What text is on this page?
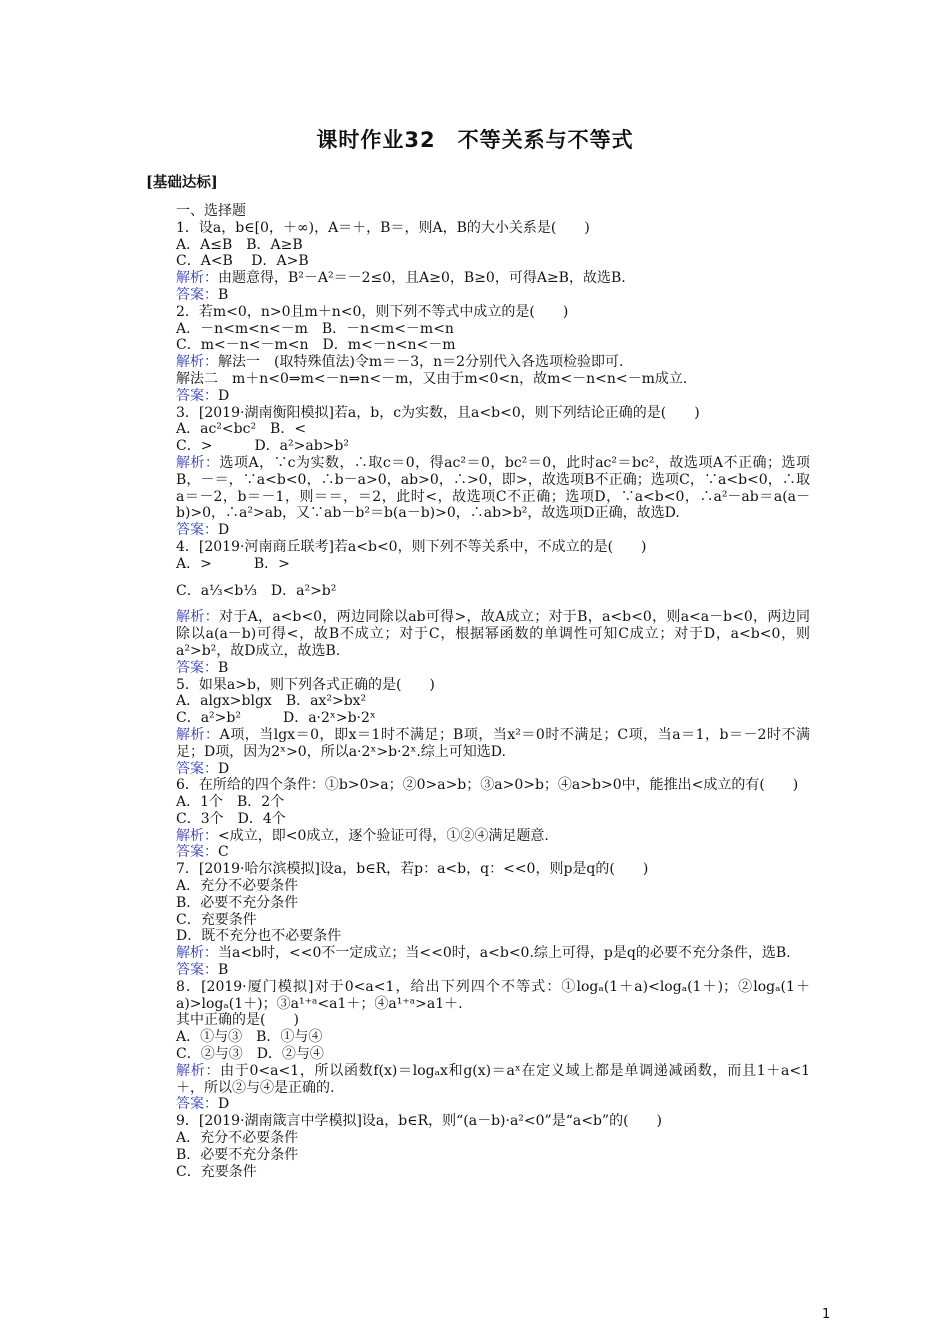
课时作业32　不等关系与不等式
[基础达标]
一、选择题
1．设a，b∈[0，＋∞)，A＝＋，B＝，则A，B的大小关系是(　　)
A．A≤B　B．A≥B
C．A<B　 D．A>B
解析：由题意得，B²－A²＝－2≤0，且A≥0，B≥0，可得A≥B，故选B.
答案：B
2．若m<0，n>0且m＋n<0，则下列不等式中成立的是(　　)
A．－n<m<n<－m　B．－n<m<－m<n
C．m<－n<－m<n　D．m<－n<n<－m
解析：解法一　(取特殊值法)令m＝－3，n＝2分别代入各选项检验即可.
解法二　m＋n<0⇒m<－n⇒n<－m，又由于m<0<n，故m<－n<n<－m成立.
答案：D
3．[2019·湖南衡阳模拟]若a，b，c为实数，且a<b<0，则下列结论正确的是(　　)
A．ac²<bc²　B．<
C．>　　　D．a²>ab>b²
解析：选项A，∵c为实数，∴取c＝0，得ac²＝0，bc²＝0，此时ac²＝bc²，故选项A不正确；选项B，－＝，∵a<b<0，∴b－a>0，ab>0，∴>0，即>，故选项B不正确；选项C，∵a<b<0，∴取a＝－2，b＝－1，则＝＝，＝2，此时<，故选项C不正确；选项D，∵a<b<0，∴a²－ab＝a(a－b)>0，∴a²>ab，又∵ab－b²＝b(a－b)>0，∴ab>b²，故选项D正确，故选D.
答案：D
4．[2019·河南商丘联考]若a<b<0，则下列不等关系中，不成立的是(　　)
A．>　　　B．>
C．a⅓<b⅓　D．a²>b²
解析：对于A，a<b<0，两边同除以ab可得>，故A成立；对于B，a<b<0，则a<a－b<0，两边同除以a(a－b)可得<，故B不成立；对于C，根据幂函数的单调性可知C成立；对于D，a<b<0，则a²>b²，故D成立，故选B.
答案：B
5．如果a>b，则下列各式正确的是(　　)
A．algx>blgx　B．ax²>bx²
C．a²>b²　　　D．a·2ˣ>b·2ˣ
解析：A项，当lgx＝0，即x＝1时不满足；B项，当x²＝0时不满足；C项，当a＝1，b＝－2时不满足；D项，因为2ˣ>0，所以a·2ˣ>b·2ˣ.综上可知选D.
答案：D
6．在所给的四个条件：①b>0>a；②0>a>b；③a>0>b；④a>b>0中，能推出<成立的有(　　)
A．1个　B．2个
C．3个　D．4个
解析：<成立，即<0成立，逐个验证可得，①②④满足题意.
答案：C
7．[2019·哈尔滨模拟]设a，b∈R，若p：a<b，q：<<0，则p是q的(　　)
A．充分不必要条件
B．必要不充分条件
C．充要条件
D．既不充分也不必要条件
解析：当a<b时，<<0不一定成立；当<<0时，a<b<0.综上可得，p是q的必要不充分条件，选B.
答案：B
8．[2019·厦门模拟]对于0<a<1，给出下列四个不等式：①logₐ(1＋a)<logₐ(1＋)；②logₐ(1＋a)>logₐ(1＋)；③a¹⁺ᵃ<a1＋；④a¹⁺ᵃ>a1＋.
其中正确的是(　　)
A．①与③　B．①与④
C．②与③　D．②与④
解析：由于0<a<1，所以函数f(x)＝logₐx和g(x)＝aˣ在定义域上都是单调递减函数，而且1＋a<1＋，所以②与④是正确的.
答案：D
9．[2019·湖南箴言中学模拟]设a，b∈R，则“(a－b)·a²<0”是“a<b”的(　　)
A．充分不必要条件
B．必要不充分条件
C．充要条件
1
